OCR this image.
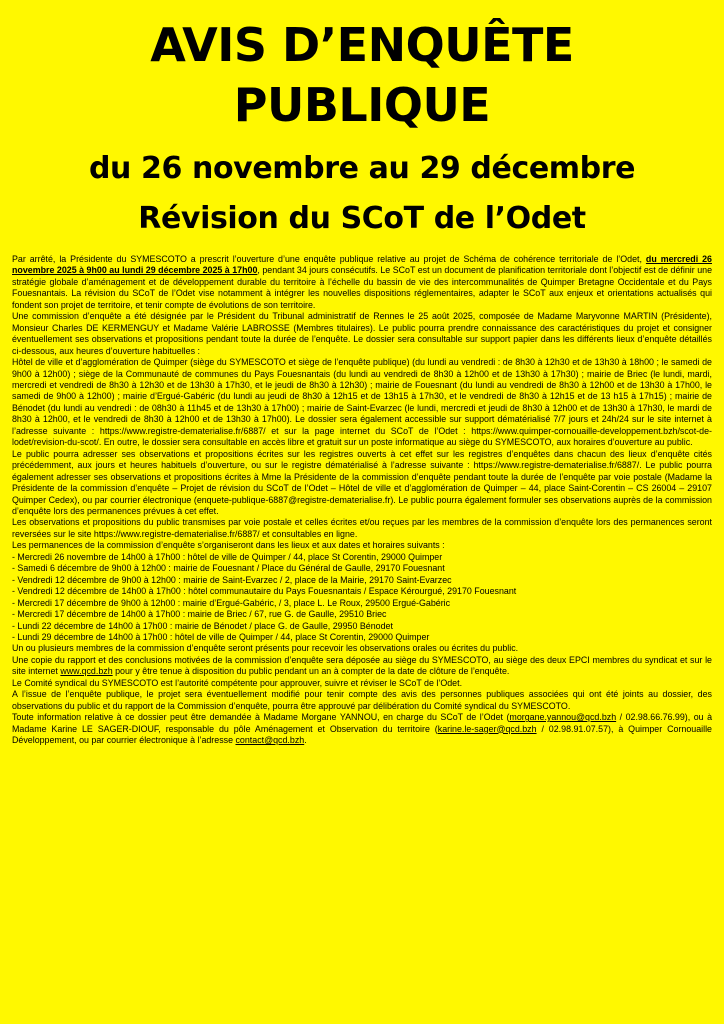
AVIS D’ENQUÊTE
PUBLIQUE
du 26 novembre au 29 décembre
Révision du SCoT de l’Odet

Par arrêté, la Présidente du SYMESCOTO a prescrit l’ouverture d’une enquête publique relative au projet de Schéma de cohérence territoriale de l’Odet, du mercredi 26 novembre 2025 à 9h00 au lundi 29 décembre 2025 à 17h00, pendant 34 jours consécutifs. Le SCoT est un document de planification territoriale dont l’objectif est de définir une stratégie globale d’aménagement et de développement durable du territoire à l’échelle du bassin de vie des intercommunalités de Quimper Bretagne Occidentale et du Pays Fouesnantais. La révision du SCoT de l’Odet vise notamment à intégrer les nouvelles dispositions réglementaires, adapter le SCoT aux enjeux et orientations actualisés qui fondent son projet de territoire, et tenir compte de évolutions de son territoire.

Une commission d’enquête a été désignée par le Président du Tribunal administratif de Rennes le 25 août 2025, composée de Madame Maryvonne MARTIN (Présidente), Monsieur Charles DE KERMENGUY et Madame Valérie LABROSSE (Membres titulaires). Le public pourra prendre connaissance des caractéristiques du projet et consigner éventuellement ses observations et propositions pendant toute la durée de l’enquête. Le dossier sera consultable sur support papier dans les différents lieux d’enquête détaillés ci-dessous, aux heures d’ouverture habituelles :

Hôtel de ville et d’agglomération de Quimper (siège du SYMESCOTO et siège de l’enquête publique) (du lundi au vendredi : de 8h30 à 12h30 et de 13h30 à 18h00 ; le samedi de 9h00 à 12h00) ; siège de la Communauté de communes du Pays Fouesnantais (du lundi au vendredi de 8h30 à 12h00 et de 13h30 à 17h30) ; mairie de Briec (le lundi, mardi, mercredi et vendredi de 8h30 à 12h30 et de 13h30 à 17h30, et le jeudi de 8h30 à 12h30) ; mairie de Fouesnant (du lundi au vendredi de 8h30 à 12h00 et de 13h30 à 17h00, le samedi de 9h00 à 12h00) ; mairie d’Ergué-Gabéric (du lundi au jeudi de 8h30 à 12h15 et de 13h15 à 17h30, et le vendredi de 8h30 à 12h15 et de 13 h15 à 17h15) ; mairie de Bénodet (du lundi au vendredi : de 08h30 à 11h45 et de 13h30 à 17h00) ; mairie de Saint-Evarzec (le lundi, mercredi et jeudi de 8h30 à 12h00 et de 13h30 à 17h30, le mardi de 8h30 à 12h00, et le vendredi de 8h30 à 12h00 et de 13h30 à 17h00). Le dossier sera également accessible sur support dématérialisé 7/7 jours et 24h/24 sur le site internet à l’adresse suivante : https://www.registre-dematerialise.fr/6887/ et sur la page internet du SCoT de l’Odet : https://www.quimper-cornouaille-developpement.bzh/scot-de-lodet/revision-du-scot/. En outre, le dossier sera consultable en accès libre et gratuit sur un poste informatique au siège du SYMESCOTO, aux horaires d’ouverture au public.

Le public pourra adresser ses observations et propositions écrites sur les registres ouverts à cet effet sur les registres d’enquêtes dans chacun des lieux d’enquête cités précédemment, aux jours et heures habituels d’ouverture, ou sur le registre dématérialisé à l’adresse suivante : https://www.registre-dematerialise.fr/6887/. Le public pourra également adresser ses observations et propositions écrites à Mme la Présidente de la commission d’enquête pendant toute la durée de l’enquête par voie postale (Madame la Présidente de la commission d’enquête – Projet de révision du SCoT de l’Odet – Hôtel de ville et d’agglomération de Quimper – 44, place Saint-Corentin – CS 26004 – 29107 Quimper Cedex), ou par courrier électronique (enquete-publique-6887@registre-dematerialise.fr). Le public pourra également formuler ses observations auprès de la commission d’enquête lors des permanences prévues à cet effet.

Les observations et propositions du public transmises par voie postale et celles écrites et/ou reçues par les membres de la commission d’enquête lors des permanences seront reversées sur le site https://www.registre-dematerialise.fr/6887/ et consultables en ligne.

Les permanences de la commission d’enquête s’organiseront dans les lieux et aux dates et horaires suivants :

- Mercredi 26 novembre de 14h00 à 17h00 : hôtel de ville de Quimper / 44, place St Corentin, 29000 Quimper
- Samedi 6 décembre de 9h00 à 12h00 : mairie de Fouesnant / Place du Général de Gaulle, 29170 Fouesnant
- Vendredi 12 décembre de 9h00 à 12h00 : mairie de Saint-Evarzec / 2, place de la Mairie, 29170 Saint-Evarzec
- Vendredi 12 décembre de 14h00 à 17h00 : hôtel communautaire du Pays Fouesnantais / Espace Kérourgué, 29170 Fouesnant
- Mercredi 17 décembre de 9h00 à 12h00 : mairie d’Ergué-Gabéric, / 3, place L. Le Roux, 29500 Ergué-Gabéric
- Mercredi 17 décembre de 14h00 à 17h00 : mairie de Briec / 67, rue G. de Gaulle, 29510 Briec
- Lundi 22 décembre de 14h00 à 17h00 : mairie de Bénodet / place G. de Gaulle, 29950 Bénodet
- Lundi 29 décembre de 14h00 à 17h00 : hôtel de ville de Quimper / 44, place St Corentin, 29000 Quimper

Un ou plusieurs membres de la commission d’enquête seront présents pour recevoir les observations orales ou écrites du public.

Une copie du rapport et des conclusions motivées de la commission d’enquête sera déposée au siège du SYMESCOTO, au siège des deux EPCI membres du syndicat et sur le site internet www.qcd.bzh pour y être tenue à disposition du public pendant un an à compter de la date de clôture de l’enquête.

Le Comité syndical du SYMESCOTO est l’autorité compétente pour approuver, suivre et réviser le SCoT de l’Odet.

A l’issue de l’enquête publique, le projet sera éventuellement modifié pour tenir compte des avis des personnes publiques associées qui ont été joints au dossier, des observations du public et du rapport de la Commission d’enquête, pourra être approuvé par délibération du Comité syndical du SYMESCOTO.

Toute information relative à ce dossier peut être demandée à Madame Morgane YANNOU, en charge du SCoT de l’Odet (morgane.yannou@qcd.bzh / 02.98.66.76.99), ou à Madame Karine LE SAGER-DIOUF, responsable du pôle Aménagement et Observation du territoire (karine.le-sager@qcd.bzh / 02.98.91.07.57), à Quimper Cornouaille Développement, ou par courrier électronique à l’adresse contact@qcd.bzh.
